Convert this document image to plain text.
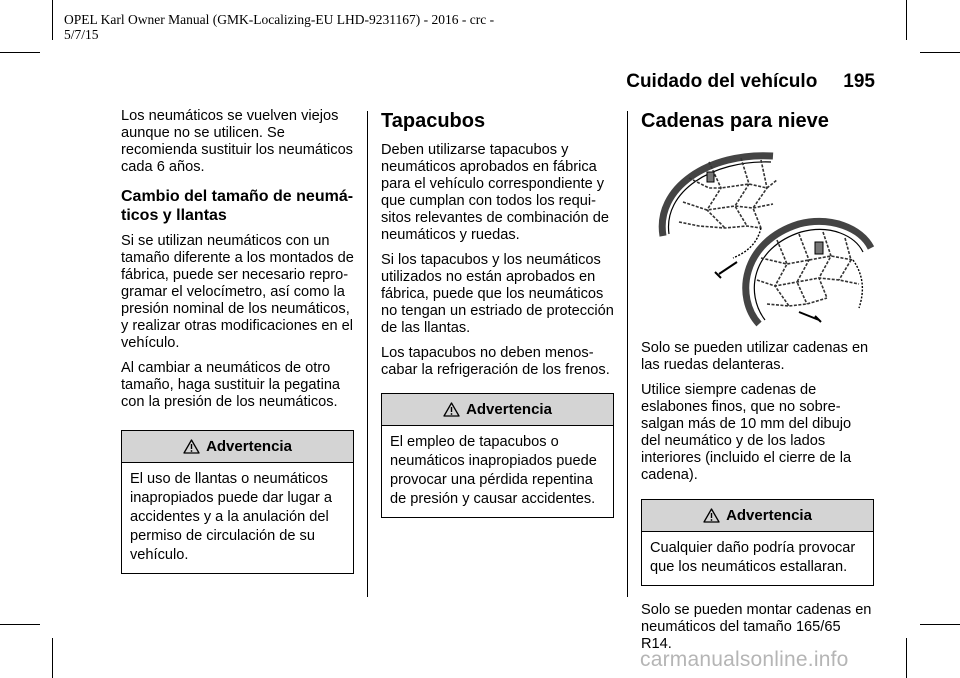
OPEL Karl Owner Manual (GMK-Localizing-EU LHD-9231167) - 2016 - crc -
5/7/15
Cuidado del vehículo 195

Los neumáticos se vuelven viejos aunque no se utilicen. Se recomienda sustituir los neumáticos cada 6 años.

Cambio del tamaño de neumá-
ticos y llantas

Si se utilizan neumáticos con un tamaño diferente a los montados de fábrica, puede ser necesario repro-gramar el velocímetro, así como la presión nominal de los neumáticos, y realizar otras modificaciones en el vehículo.

Al cambiar a neumáticos de otro tamaño, haga sustituir la pegatina con la presión de los neumáticos.

Advertencia
El uso de llantas o neumáticos inapropiados puede dar lugar a accidentes y a la anulación del permiso de circulación de su vehículo.
Tapacubos

Deben utilizarse tapacubos y neumáticos aprobados en fábrica para el vehículo correspondiente y que cumplan con todos los requi-sitos relevantes de combinación de neumáticos y ruedas.

Si los tapacubos y los neumáticos utilizados no están aprobados en fábrica, puede que los neumáticos no tengan un estriado de protección de las llantas.

Los tapacubos no deben menos-cabar la refrigeración de los frenos.

Advertencia
El empleo de tapacubos o neumáticos inapropiados puede provocar una pérdida repentina de presión y causar accidentes.
Cadenas para nieve

Solo se pueden utilizar cadenas en las ruedas delanteras.

Utilice siempre cadenas de eslabones finos, que no sobre-salgan más de 10 mm del dibujo del neumático y de los lados interiores (incluido el cierre de la cadena).

Advertencia
Cualquier daño podría provocar que los neumáticos estallaran.

Solo se pueden montar cadenas en neumáticos del tamaño 165/65 R14.

carmanualsonline.info
